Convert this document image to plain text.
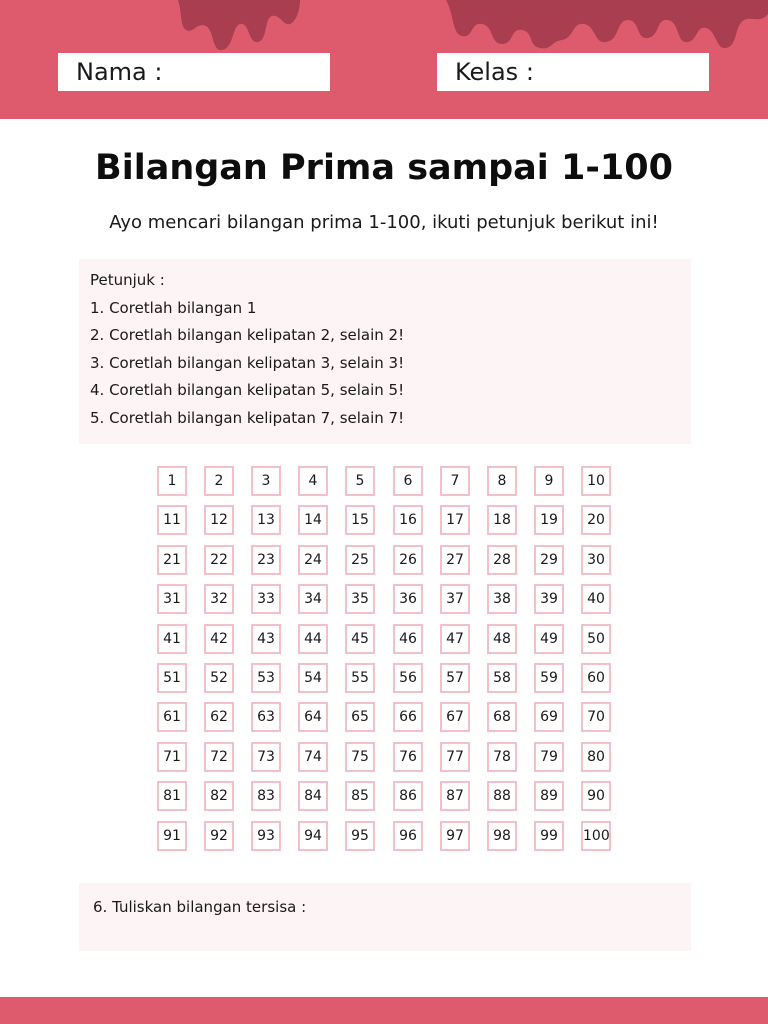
Nama :	Kelas :
Bilangan Prima sampai 1-100

Ayo mencari bilangan prima 1-100, ikuti petunjuk berikut ini!

Petunjuk :
1. Coretlah bilangan 1
2. Coretlah bilangan kelipatan 2, selain 2!
3. Coretlah bilangan kelipatan 3, selain 3!
4. Coretlah bilangan kelipatan 5, selain 5!
5. Coretlah bilangan kelipatan 7, selain 7!
1	2	3	4	5	6	7	8	9	10
11	12	13	14	15	16	17	18	19	20
21	22	23	24	25	26	27	28	29	30
31	32	33	34	35	36	37	38	39	40
41	42	43	44	45	46	47	48	49	50
51	52	53	54	55	56	57	58	59	60
61	62	63	64	65	66	67	68	69	70
71	72	73	74	75	76	77	78	79	80
81	82	83	84	85	86	87	88	89	90
91	92	93	94	95	96	97	98	99	100
6. Tuliskan bilangan tersisa :
